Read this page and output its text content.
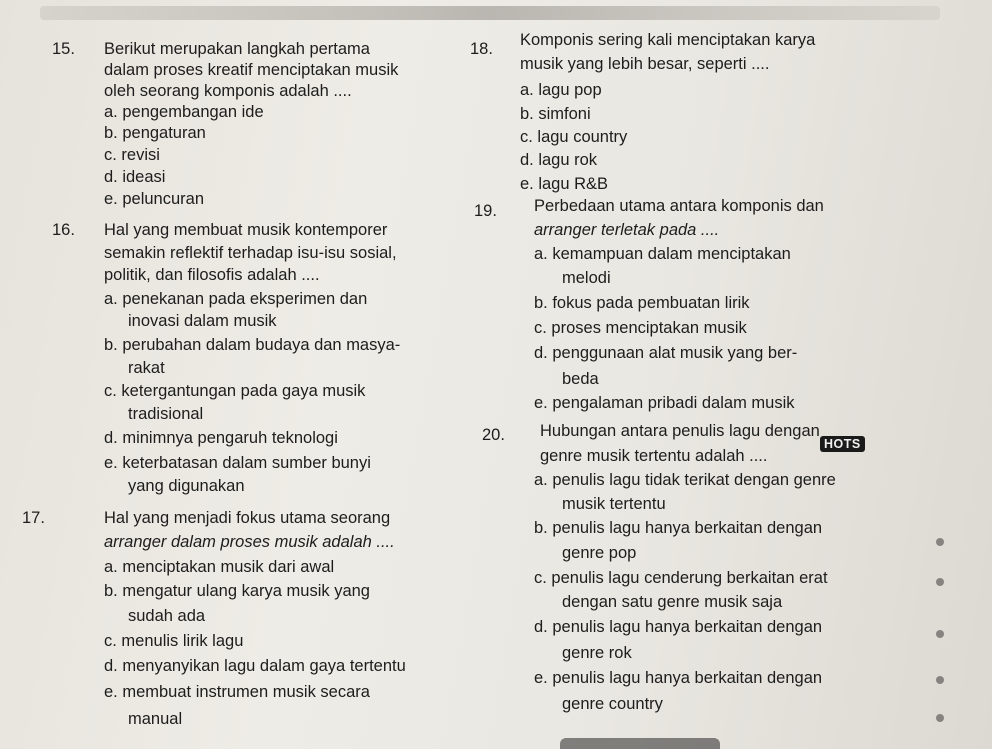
15. Berikut merupakan langkah pertama
dalam proses kreatif menciptakan musik
oleh seorang komponis adalah ....
a. pengembangan ide
b. pengaturan
c. revisi
d. ideasi
e. peluncuran
16. Hal yang membuat musik kontemporer
semakin reflektif terhadap isu-isu sosial,
politik, dan filosofis adalah ....
a. penekanan pada eksperimen dan
inovasi dalam musik
b. perubahan dalam budaya dan masya-
rakat
c. ketergantungan pada gaya musik
tradisional
d. minimnya pengaruh teknologi
e. keterbatasan dalam sumber bunyi
yang digunakan
17.	Hal yang menjadi fokus utama seorang
arranger dalam proses musik adalah ....
a. menciptakan musik dari awal
b. mengatur ulang karya musik yang
sudah ada
c. menulis lirik lagu
d. menyanyikan lagu dalam gaya tertentu
e. membuat instrumen musik secara
manual
18. Komponis sering kali menciptakan karya
musik yang lebih besar, seperti ....
a. lagu pop
b. simfoni
c. lagu country
d. lagu rok
e. lagu R&B
19. Perbedaan utama antara komponis dan
arranger terletak pada ....
a. kemampuan dalam menciptakan
melodi
b. fokus pada pembuatan lirik
c. proses menciptakan musik
d. penggunaan alat musik yang ber-
beda
e. pengalaman pribadi dalam musik
20. Hubungan antara penulis lagu dengan
genre musik tertentu adalah ....
HOTS
a. penulis lagu tidak terikat dengan genre
musik tertentu
b. penulis lagu hanya berkaitan dengan
genre pop
c. penulis lagu cenderung berkaitan erat
dengan satu genre musik saja
d. penulis lagu hanya berkaitan dengan
genre rok
e. penulis lagu hanya berkaitan dengan
genre country
